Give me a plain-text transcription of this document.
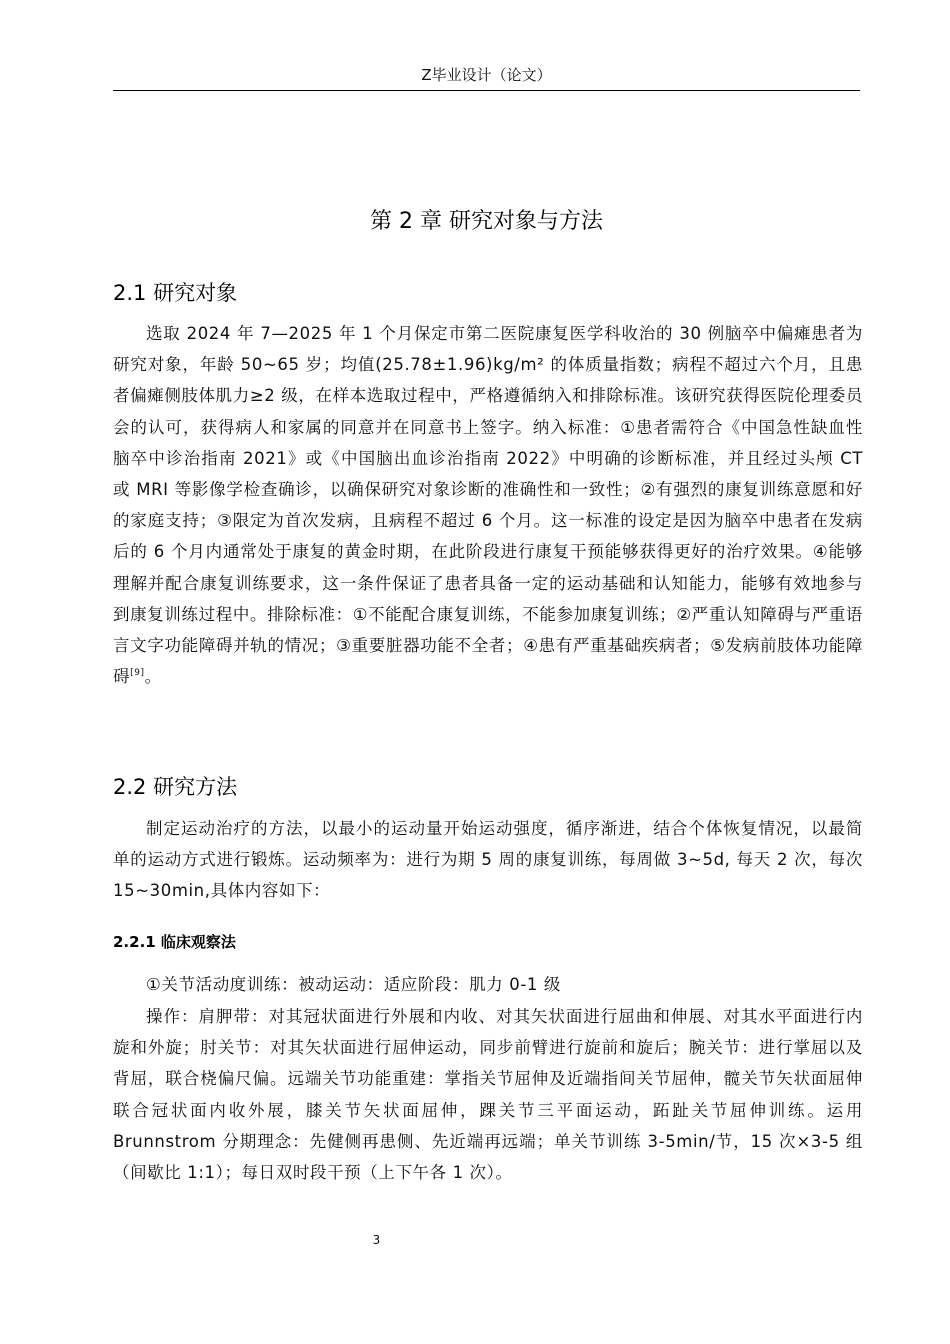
Z毕业设计（论文）
第 2 章 研究对象与方法
2.1 研究对象

选取 2024 年 7—2025 年 1 个月保定市第二医院康复医学科收治的 30 例脑卒中偏瘫患者为研究对象，年龄 50~65 岁；均值(25.78±1.96)kg/m² 的体质量指数；病程不超过六个月，且患者偏瘫侧肢体肌力≥2 级，在样本选取过程中，严格遵循纳入和排除标准。该研究获得医院伦理委员会的认可，获得病人和家属的同意并在同意书上签字。纳入标准：①患者需符合《中国急性缺血性脑卒中诊治指南 2021》或《中国脑出血诊治指南 2022》中明确的诊断标准，并且经过头颅 CT 或 MRI 等影像学检查确诊，以确保研究对象诊断的准确性和一致性；②有强烈的康复训练意愿和好的家庭支持；③限定为首次发病，且病程不超过 6 个月。这一标准的设定是因为脑卒中患者在发病后的 6 个月内通常处于康复的黄金时期，在此阶段进行康复干预能够获得更好的治疗效果。④能够理解并配合康复训练要求，这一条件保证了患者具备一定的运动基础和认知能力，能够有效地参与到康复训练过程中。排除标准：①不能配合康复训练，不能参加康复训练；②严重认知障碍与严重语言文字功能障碍并轨的情况；③重要脏器功能不全者；④患有严重基础疾病者；⑤发病前肢体功能障碍[9]。

2.2 研究方法

制定运动治疗的方法，以最小的运动量开始运动强度，循序渐进，结合个体恢复情况，以最简单的运动方式进行锻炼。运动频率为：进行为期 5 周的康复训练，每周做 3~5d, 每天 2 次，每次 15~30min,具体内容如下：

2.2.1 临床观察法

①关节活动度训练：被动运动：适应阶段：肌力 0-1 级

操作：肩胛带：对其冠状面进行外展和内收、对其矢状面进行屈曲和伸展、对其水平面进行内旋和外旋；肘关节：对其矢状面进行屈伸运动，同步前臂进行旋前和旋后；腕关节：进行掌屈以及背屈，联合桡偏尺偏。远端关节功能重建：掌指关节屈伸及近端指间关节屈伸，髋关节矢状面屈伸联合冠状面内收外展，膝关节矢状面屈伸，踝关节三平面运动，跖趾关节屈伸训练。运用 Brunnstrom 分期理念：先健侧再患侧、先近端再远端；单关节训练 3-5min/节，15 次×3-5 组（间歇比 1:1）；每日双时段干预（上下午各 1 次）。

3
